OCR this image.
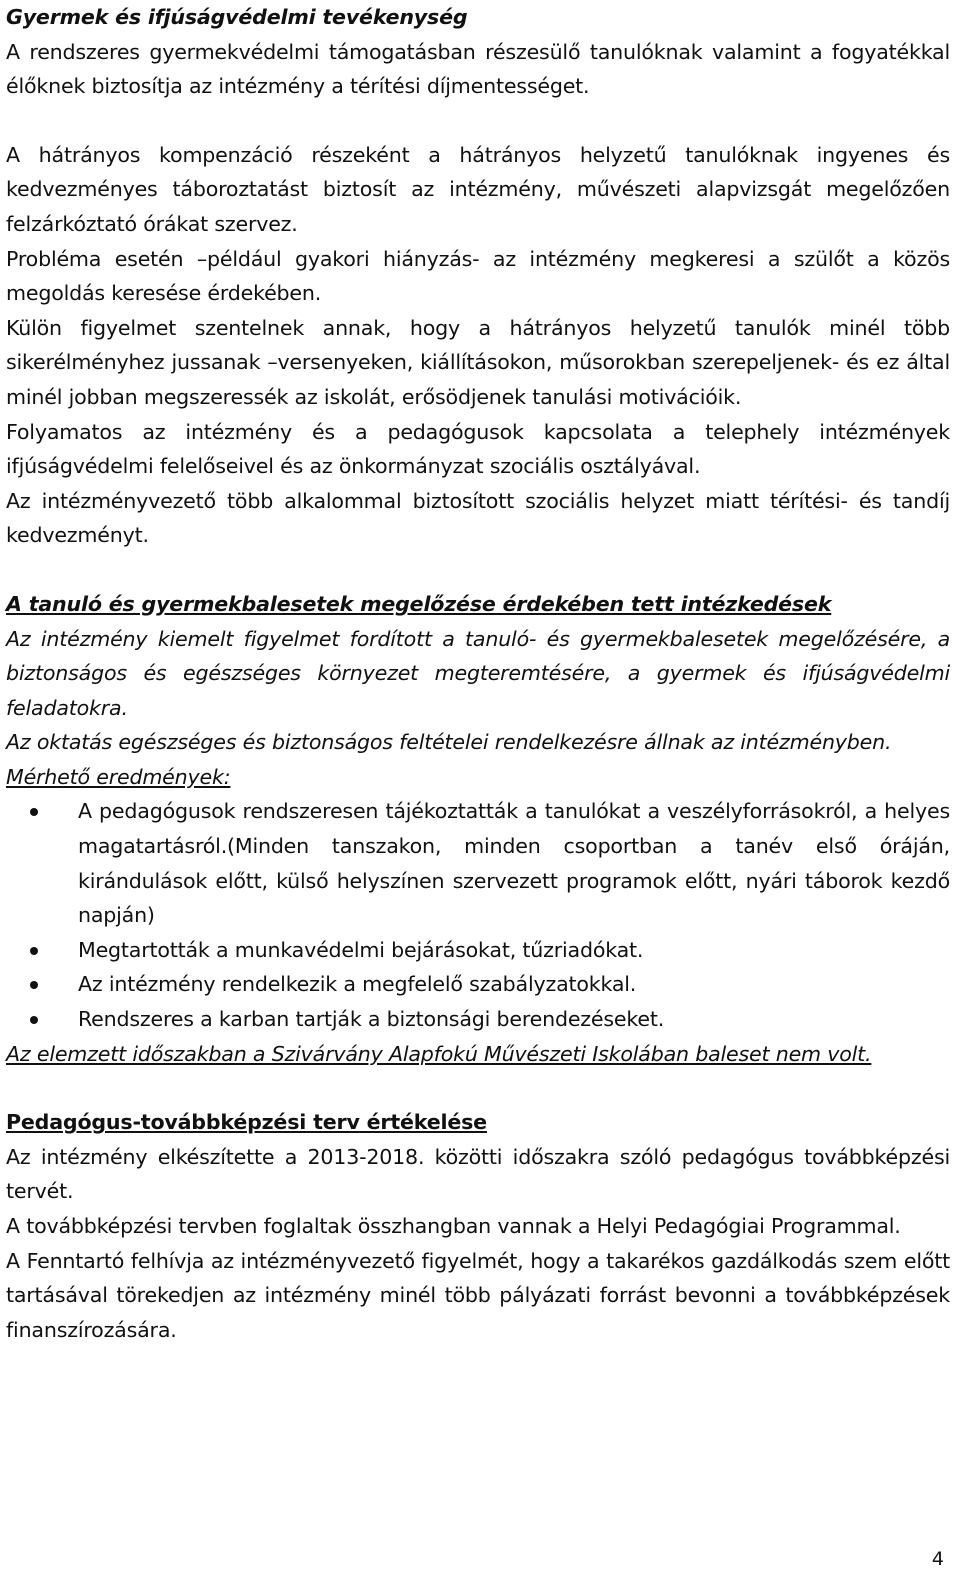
Gyermek és ifjúságvédelmi tevékenység

A rendszeres gyermekvédelmi támogatásban részesülő tanulóknak valamint a fogyatékkal élőknek biztosítja az intézmény a térítési díjmentességet.

A hátrányos kompenzáció részeként a hátrányos helyzetű tanulóknak ingyenes és kedvezményes táboroztatást biztosít az intézmény, művészeti alapvizsgát megelőzően felzárkóztató órákat szervez.

Probléma esetén –például gyakori hiányzás- az intézmény megkeresi a szülőt a közös megoldás keresése érdekében.

Külön figyelmet szentelnek annak, hogy a hátrányos helyzetű tanulók minél több sikerélményhez jussanak –versenyeken, kiállításokon, műsorokban szerepeljenek- és ez által minél jobban megszeressék az iskolát, erősödjenek tanulási motivációik.

Folyamatos az intézmény és a pedagógusok kapcsolata a telephely intézmények ifjúságvédelmi felelőseivel és az önkormányzat szociális osztályával.

Az intézményvezető több alkalommal biztosított szociális helyzet miatt térítési- és tandíj kedvezményt.

A tanuló és gyermekbalesetek megelőzése érdekében tett intézkedések

Az intézmény kiemelt figyelmet fordított a tanuló- és gyermekbalesetek megelőzésére, a biztonságos és egészséges környezet megteremtésére, a gyermek és ifjúságvédelmi feladatokra.

Az oktatás egészséges és biztonságos feltételei rendelkezésre állnak az intézményben.

Mérhető eredmények:

A pedagógusok rendszeresen tájékoztatták a tanulókat a veszélyforrásokról, a helyes magatartásról.(Minden tanszakon, minden csoportban a tanév első óráján, kirándulások előtt, külső helyszínen szervezett programok előtt, nyári táborok kezdő napján)
Megtartották a munkavédelmi bejárásokat, tűzriadókat.
Az intézmény rendelkezik a megfelelő szabályzatokkal.
Rendszeres a karban tartják a biztonsági berendezéseket.

Az elemzett időszakban a Szivárvány Alapfokú Művészeti Iskolában baleset nem volt.

Pedagógus-továbbképzési terv értékelése

Az intézmény elkészítette a 2013-2018. közötti időszakra szóló pedagógus továbbképzési tervét.

A továbbképzési tervben foglaltak összhangban vannak a Helyi Pedagógiai Programmal.

A Fenntartó felhívja az intézményvezető figyelmét, hogy a takarékos gazdálkodás szem előtt tartásával törekedjen az intézmény minél több pályázati forrást bevonni a továbbképzések finanszírozására.

4
